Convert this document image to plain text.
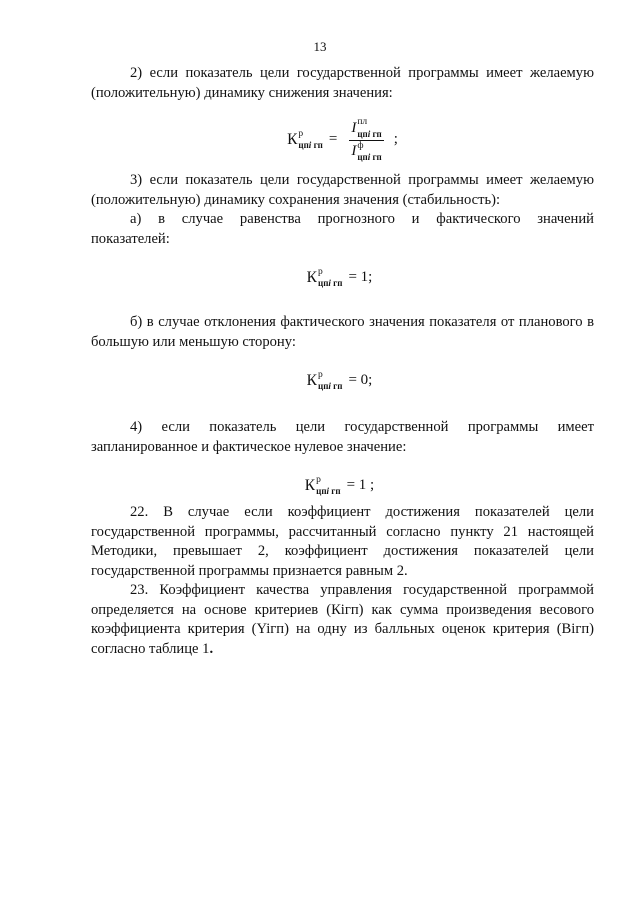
13

2) если показатель цели государственной программы имеет желаемую (положительную) динамику снижения значения:

К р
цпi гп = I пл
цпi гп
I ф
цпi гп ;

3) если показатель цели государственной программы имеет желаемую (положительную) динамику сохранения значения (стабильность):

а) в случае равенства прогнозного и фактического значений

показателей:

К р
цпi гп = 1;

б) в случае отклонения фактического значения показателя от планового в большую или меньшую сторону:

К р
цпi гп = 0;

4) если показатель цели государственной программы имеет

запланированное и фактическое нулевое значение:

К р
цпi гп = 1 ;

22. В случае если коэффициент достижения показателей цели государственной программы, рассчитанный согласно пункту 21 настоящей Методики, превышает 2, коэффициент достижения показателей цели государственной программы признается равным 2.

23. Коэффициент качества управления государственной программой определяется на основе критериев (Кiгп) как сумма произведения весового коэффициента критерия (Yiгп) на одну из балльных оценок критерия (Biгп) согласно таблице 1.
